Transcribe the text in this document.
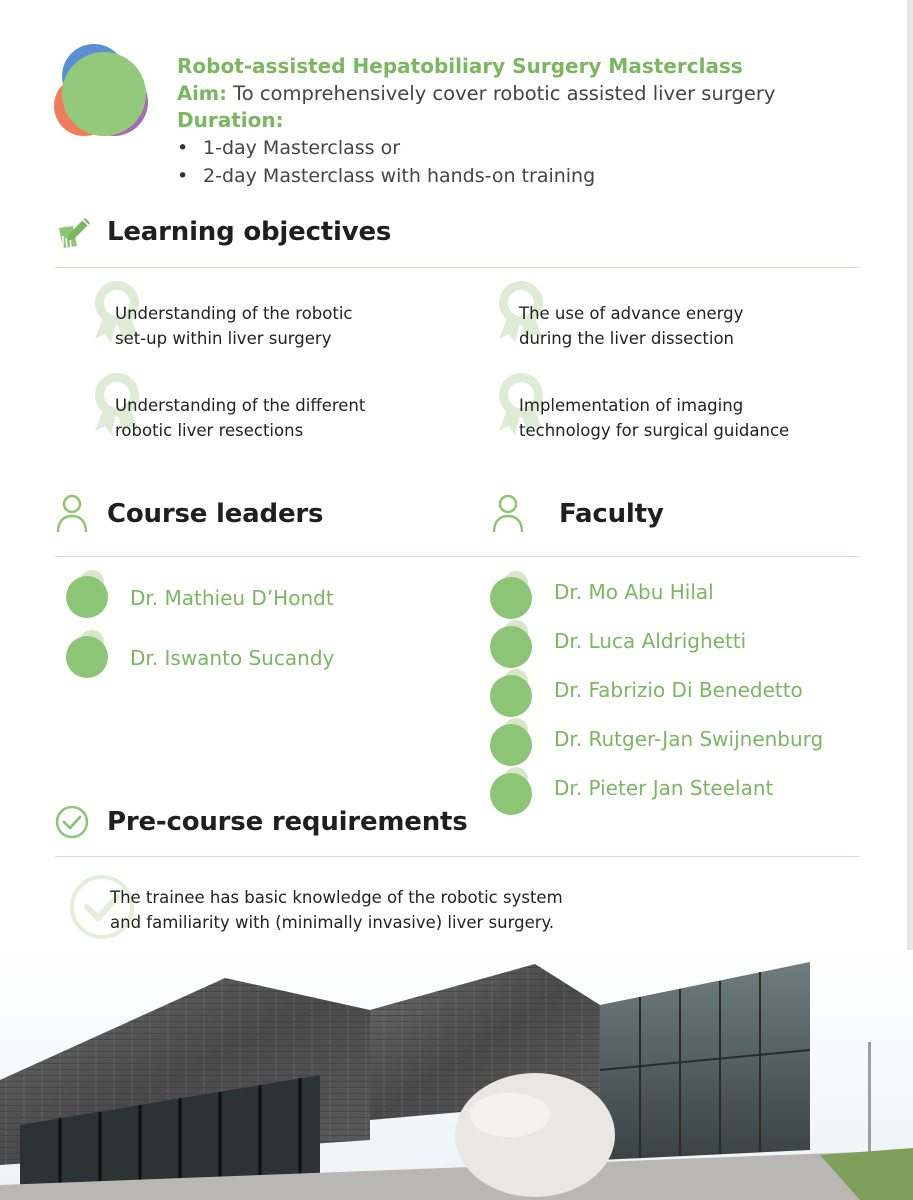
Robot-assisted Hepatobiliary Surgery Masterclass
Aim: To comprehensively cover robotic assisted liver surgery
Duration:
• 1-day Masterclass or
• 2-day Masterclass with hands-on training
Learning objectives

Understanding of the robotic

set-up within liver surgery

The use of advance energy

during the liver dissection

Understanding of the different

robotic liver resections

Implementation of imaging

technology for surgical guidance

Course leaders	Faculty
Dr. Mathieu D’Hondt
Dr. Iswanto Sucandy
Dr. Mo Abu Hilal
Dr. Luca Aldrighetti
Dr. Fabrizio Di Benedetto
Dr. Rutger-Jan Swijnenburg
Dr. Pieter Jan Steelant
Pre-course requirements
The trainee has basic knowledge of the robotic system
and familiarity with (minimally invasive) liver surgery.
